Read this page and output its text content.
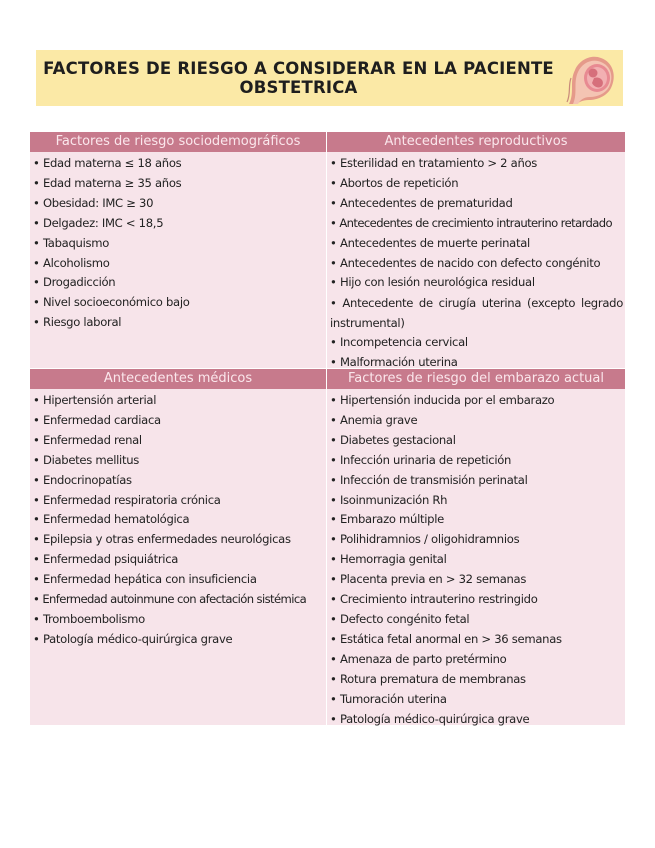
FACTORES DE RIESGO A CONSIDERAR EN LA PACIENTE OBSTETRICA
Factores de riesgo sociodemográficos
• Edad materna ≤ 18 años
• Edad materna ≥ 35 años
• Obesidad: IMC ≥ 30
• Delgadez: IMC < 18,5
• Tabaquismo
• Alcoholismo
• Drogadicción
• Nivel socioeconómico bajo
• Riesgo laboral
Antecedentes reproductivos
• Esterilidad en tratamiento > 2 años
• Abortos de repetición
• Antecedentes de prematuridad
• Antecedentes de crecimiento intrauterino retardado
• Antecedentes de muerte perinatal
• Antecedentes de nacido con defecto congénito
• Hijo con lesión neurológica residual
• Antecedente de cirugía uterina (excepto legrado instrumental)
• Incompetencia cervical
• Malformación uterina
Antecedentes médicos
• Hipertensión arterial
• Enfermedad cardiaca
• Enfermedad renal
• Diabetes mellitus
• Endocrinopatías
• Enfermedad respiratoria crónica
• Enfermedad hematológica
• Epilepsia y otras enfermedades neurológicas
• Enfermedad psiquiátrica
• Enfermedad hepática con insuficiencia
• Enfermedad autoinmune con afectación sistémica
• Tromboembolismo
• Patología médico-quirúrgica grave
Factores de riesgo del embarazo actual
• Hipertensión inducida por el embarazo
• Anemia grave
• Diabetes gestacional
• Infección urinaria de repetición
• Infección de transmisión perinatal
• Isoinmunización Rh
• Embarazo múltiple
• Polihidramnios / oligohidramnios
• Hemorragia genital
• Placenta previa en > 32 semanas
• Crecimiento intrauterino restringido
• Defecto congénito fetal
• Estática fetal anormal en > 36 semanas
• Amenaza de parto pretérmino
• Rotura prematura de membranas
• Tumoración uterina
• Patología médico-quirúrgica grave
